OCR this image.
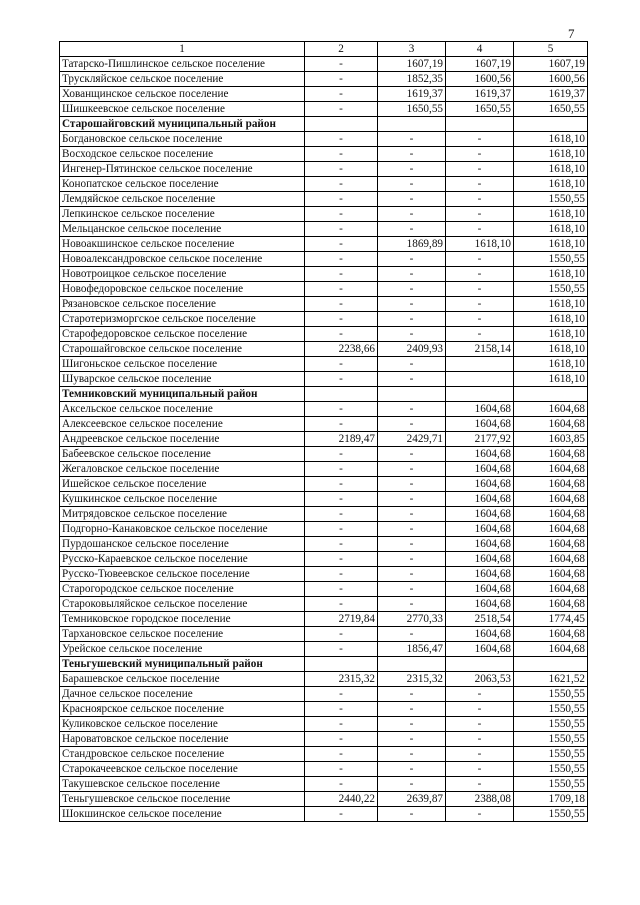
7
1	2	3	4	5
Татарско-Пишлинское сельское поселение	-	1607,19	1607,19	1607,19
Трускляйское сельское поселение	-	1852,35	1600,56	1600,56
Хованщинское сельское поселение	-	1619,37	1619,37	1619,37
Шишкеевское сельское поселение	-	1650,55	1650,55	1650,55
Старошайговский муниципальный район				
Богдановское сельское поселение	-	-	-	1618,10
Восходское сельское поселение	-	-	-	1618,10
Ингенер-Пятинское сельское поселение	-	-	-	1618,10
Конопатское сельское поселение	-	-	-	1618,10
Лемдяйское сельское поселение	-	-	-	1550,55
Лепкинское сельское поселение	-	-	-	1618,10
Мельцанское сельское поселение	-	-	-	1618,10
Новоакшинское сельское поселение	-	1869,89	1618,10	1618,10
Новоалександровское сельское поселение	-	-	-	1550,55
Новотроицкое сельское поселение	-	-	-	1618,10
Новофедоровское сельское поселение	-	-	-	1550,55
Рязановское сельское поселение	-	-	-	1618,10
Старотеризморгское сельское поселение	-	-	-	1618,10
Старофедоровское сельское поселение	-	-	-	1618,10
Старошайговское сельское поселение	2238,66	2409,93	2158,14	1618,10
Шигоньское сельское поселение	-	-		1618,10
Шуварское сельское поселение	-	-		1618,10
Темниковский муниципальный район				
Аксельское сельское поселение	-	-	1604,68	1604,68
Алексеевское сельское поселение	-	-	1604,68	1604,68
Андреевское сельское поселение	2189,47	2429,71	2177,92	1603,85
Бабеевское сельское поселение	-	-	1604,68	1604,68
Жегаловское сельское поселение	-	-	1604,68	1604,68
Ишейское сельское поселение	-	-	1604,68	1604,68
Кушкинское сельское поселение	-	-	1604,68	1604,68
Митрядовское сельское поселение	-	-	1604,68	1604,68
Подгорно-Канаковское сельское поселение	-	-	1604,68	1604,68
Пурдошанское сельское поселение	-	-	1604,68	1604,68
Русско-Караевское сельское поселение	-	-	1604,68	1604,68
Русско-Тювеевское сельское поселение	-	-	1604,68	1604,68
Старогородское сельское поселение	-	-	1604,68	1604,68
Староковыляйское сельское поселение	-	-	1604,68	1604,68
Темниковское городское поселение	2719,84	2770,33	2518,54	1774,45
Тархановское сельское поселение	-	-	1604,68	1604,68
Урейское сельское поселение	-	1856,47	1604,68	1604,68
Теньгушевский муниципальный район				
Барашевское сельское поселение	2315,32	2315,32	2063,53	1621,52
Дачное сельское поселение	-	-	-	1550,55
Красноярское сельское поселение	-	-	-	1550,55
Куликовское сельское поселение	-	-	-	1550,55
Нароватовское сельское поселение	-	-	-	1550,55
Стандровское сельское поселение	-	-	-	1550,55
Старокачеевское сельское поселение	-	-	-	1550,55
Такушевское сельское поселение	-	-	-	1550,55
Теньгушевское сельское поселение	2440,22	2639,87	2388,08	1709,18
Шокшинское сельское поселение	-	-	-	1550,55
